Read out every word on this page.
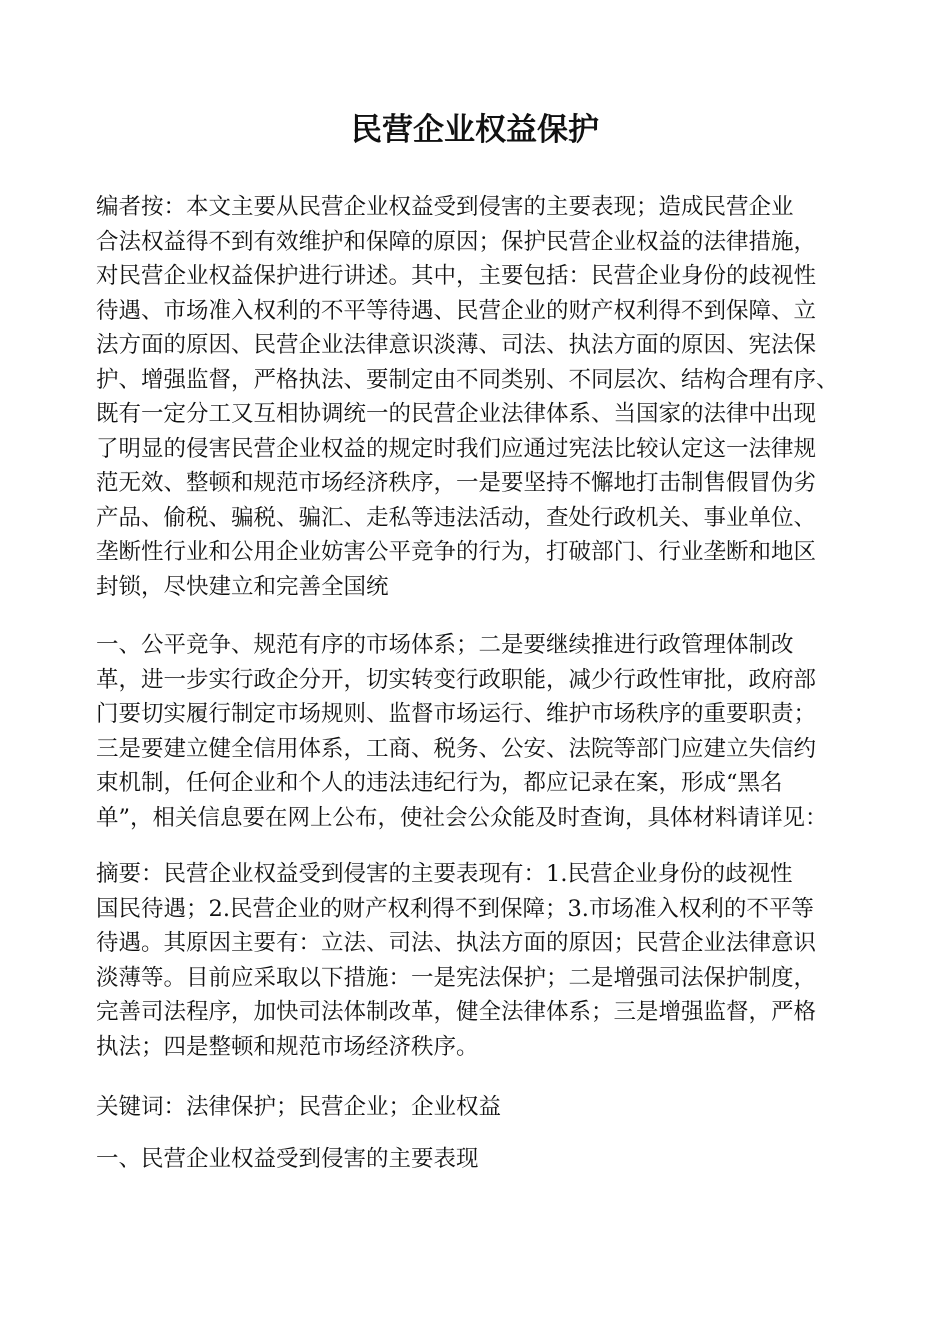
民营企业权益保护
编者按：本文主要从民营企业权益受到侵害的主要表现；造成民营企业
合法权益得不到有效维护和保障的原因；保护民营企业权益的法律措施，
对民营企业权益保护进行讲述。其中，主要包括：民营企业身份的歧视性
待遇、市场准入权利的不平等待遇、民营企业的财产权利得不到保障、立
法方面的原因、民营企业法律意识淡薄、司法、执法方面的原因、宪法保
护、增强监督，严格执法、要制定由不同类别、不同层次、结构合理有序、
既有一定分工又互相协调统一的民营企业法律体系、当国家的法律中出现
了明显的侵害民营企业权益的规定时我们应通过宪法比较认定这一法律规
范无效、整顿和规范市场经济秩序，一是要坚持不懈地打击制售假冒伪劣
产品、偷税、骗税、骗汇、走私等违法活动，查处行政机关、事业单位、
垄断性行业和公用企业妨害公平竞争的行为，打破部门、行业垄断和地区
封锁，尽快建立和完善全国统
一、公平竞争、规范有序的市场体系；二是要继续推进行政管理体制改
革，进一步实行政企分开，切实转变行政职能，减少行政性审批，政府部
门要切实履行制定市场规则、监督市场运行、维护市场秩序的重要职责；
三是要建立健全信用体系，工商、税务、公安、法院等部门应建立失信约
束机制，任何企业和个人的违法违纪行为，都应记录在案，形成“黑名
单”，相关信息要在网上公布，使社会公众能及时查询，具体材料请详见：
摘要：民营企业权益受到侵害的主要表现有：1.民营企业身份的歧视性
国民待遇；2.民营企业的财产权利得不到保障；3.市场准入权利的不平等
待遇。其原因主要有：立法、司法、执法方面的原因；民营企业法律意识
淡薄等。目前应采取以下措施：一是宪法保护；二是增强司法保护制度，
完善司法程序，加快司法体制改革，健全法律体系；三是增强监督，严格
执法；四是整顿和规范市场经济秩序。
关键词：法律保护；民营企业；企业权益
一、民营企业权益受到侵害的主要表现
